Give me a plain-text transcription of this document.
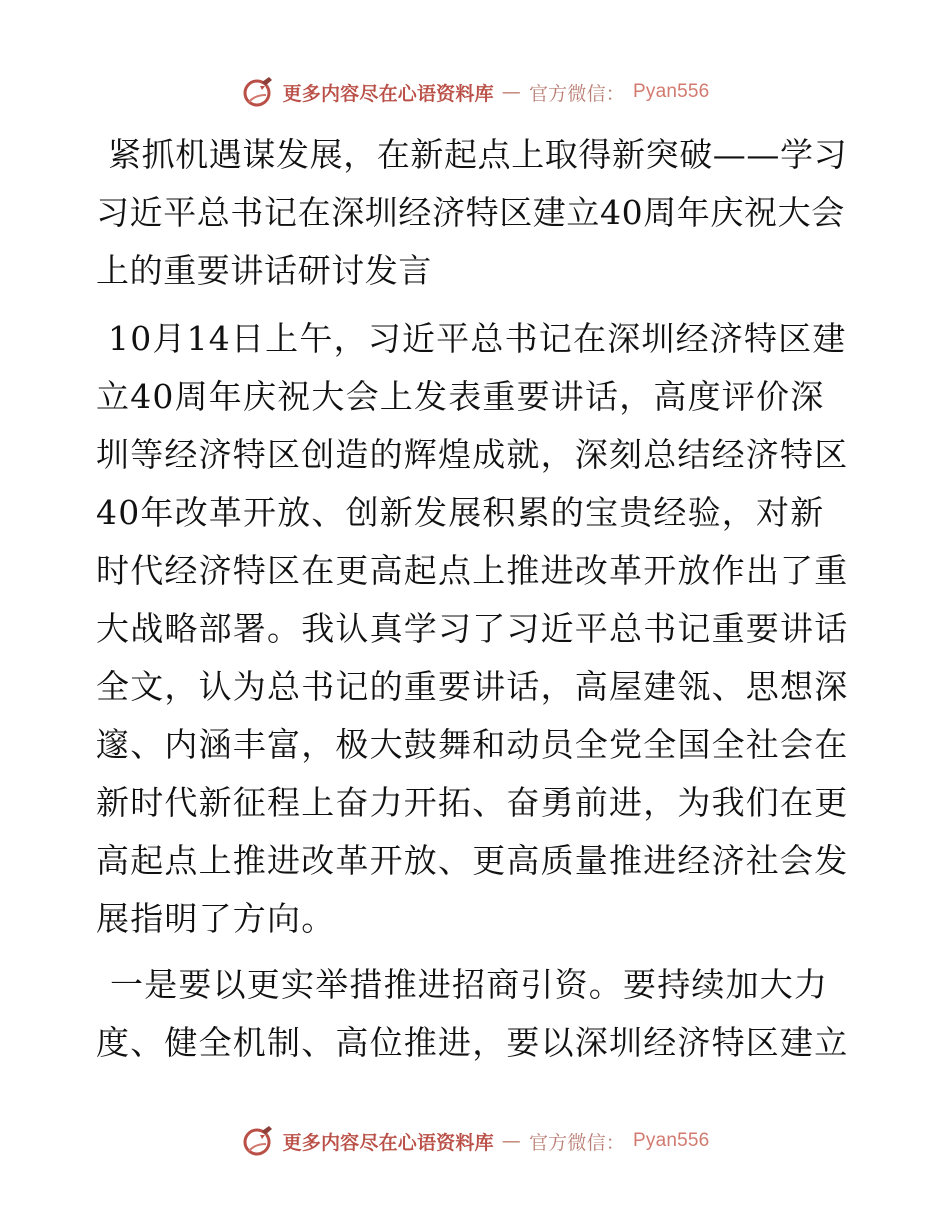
更多内容尽在心语资料库 — 官方微信： Pyan556
紧抓机遇谋发展，在新起点上取得新突破——学习习近平总书记在深圳经济特区建立40周年庆祝大会上的重要讲话研讨发言

10月14日上午，习近平总书记在深圳经济特区建立40周年庆祝大会上发表重要讲话，高度评价深圳等经济特区创造的辉煌成就，深刻总结经济特区40年改革开放、创新发展积累的宝贵经验，对新时代经济特区在更高起点上推进改革开放作出了重大战略部署。我认真学习了习近平总书记重要讲话全文，认为总书记的重要讲话，高屋建瓴、思想深邃、内涵丰富，极大鼓舞和动员全党全国全社会在新时代新征程上奋力开拓、奋勇前进，为我们在更高起点上推进改革开放、更高质量推进经济社会发展指明了方向。

一是要以更实举措推进招商引资。要持续加大力度、健全机制、高位推进，要以深圳经济特区建立

更多内容尽在心语资料库 — 官方微信： Pyan556
